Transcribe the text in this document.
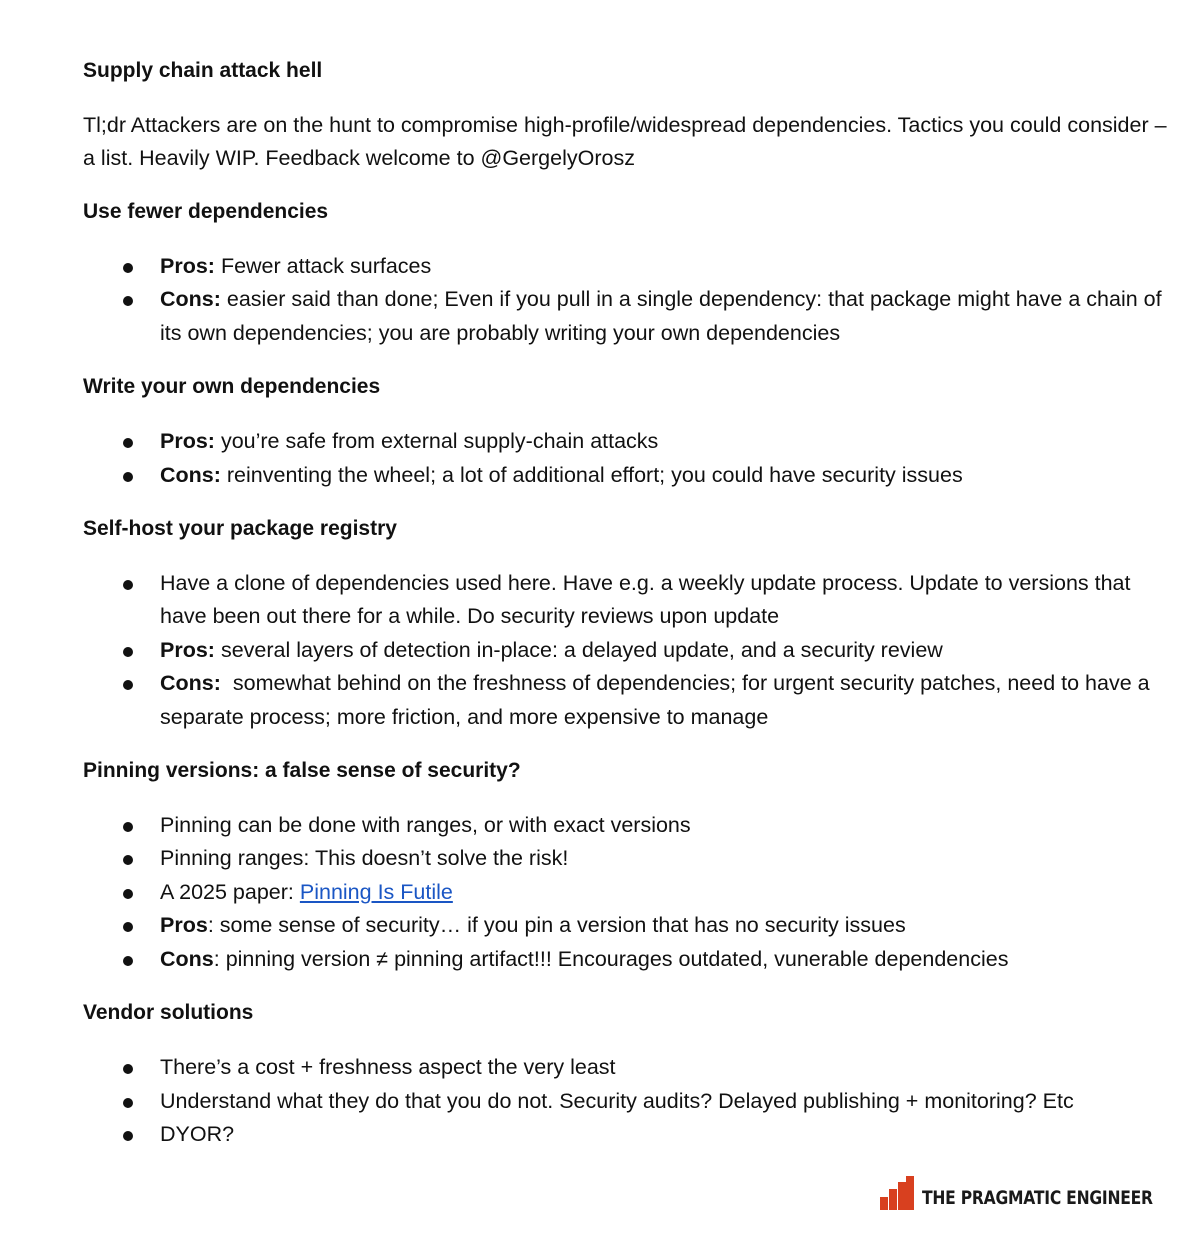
Supply chain attack hell

Tl;dr Attackers are on the hunt to compromise high-profile/widespread dependencies. Tactics you could consider – a list. Heavily WIP. Feedback welcome to @GergelyOrosz

Use fewer dependencies

Pros: Fewer attack surfaces
Cons: easier said than done; Even if you pull in a single dependency: that package might have a chain of its own dependencies; you are probably writing your own dependencies

Write your own dependencies

Pros: you’re safe from external supply-chain attacks
Cons: reinventing the wheel; a lot of additional effort; you could have security issues

Self-host your package registry

Have a clone of dependencies used here. Have e.g. a weekly update process. Update to versions that have been out there for a while. Do security reviews upon update
Pros: several layers of detection in-place: a delayed update, and a security review
Cons:  somewhat behind on the freshness of dependencies; for urgent security patches, need to have a separate process; more friction, and more expensive to manage

Pinning versions: a false sense of security?

Pinning can be done with ranges, or with exact versions
Pinning ranges: This doesn’t solve the risk!
A 2025 paper: Pinning Is Futile
Pros: some sense of security… if you pin a version that has no security issues
Cons: pinning version ≠ pinning artifact!!! Encourages outdated, vunerable dependencies

Vendor solutions

There’s a cost + freshness aspect the very least
Understand what they do that you do not. Security audits? Delayed publishing + monitoring? Etc
DYOR?
THE PRAGMATIC ENGINEER
